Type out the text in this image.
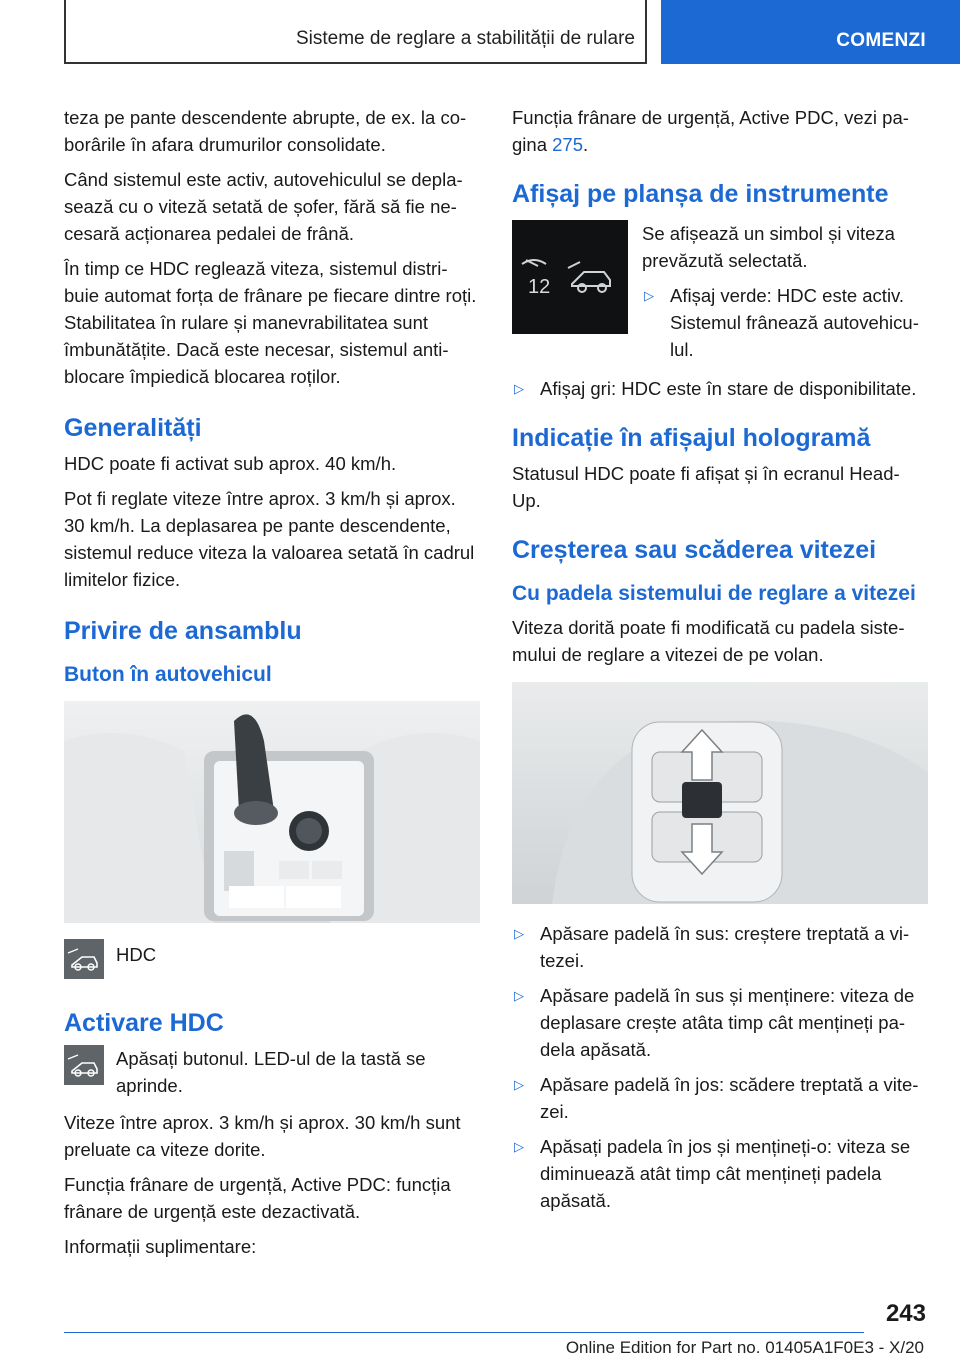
Sisteme de reglare a stabilității de rulare	COMENZI

teza pe pante descendente abrupte, de ex. la co-borârile în afara drumurilor consolidate.

Când sistemul este activ, autovehiculul se depla-sează cu o viteză setată de șofer, fără să fie ne-cesară acționarea pedalei de frână.

În timp ce HDC reglează viteza, sistemul distri-buie automat forța de frânare pe fiecare dintre roți. Stabilitatea în rulare și manevrabilitatea sunt îmbunătățite. Dacă este necesar, sistemul anti-blocare împiedică blocarea roților.

Generalități

HDC poate fi activat sub aprox. 40 km/h.

Pot fi reglate viteze între aprox. 3 km/h și aprox. 30 km/h. La deplasarea pe pante descendente, sistemul reduce viteza la valoarea setată în cadrul limitelor fizice.

Privire de ansamblu
Buton în autovehicul

HDC

Activare HDC

Apăsați butonul. LED-ul de la tastă se aprinde.

Viteze între aprox. 3 km/h și aprox. 30 km/h sunt preluate ca viteze dorite.

Funcția frânare de urgență, Active PDC: funcția frânare de urgență este dezactivată.

Informații suplimentare:

Funcția frânare de urgență, Active PDC, vezi pa-gina 275.

Afișaj pe planșa de instrumente
12

Se afișează un simbol și viteza prevăzută selectată.

▷ Afișaj verde: HDC este activ. Sistemul frânează autovehicu-lul.
▷ Afișaj gri: HDC este în stare de disponibilitate.
Indicație în afișajul hologramă

Statusul HDC poate fi afișat și în ecranul Head-Up.

Creșterea sau scăderea vitezei
Cu padela sistemului de reglare a vitezei

Viteza dorită poate fi modificată cu padela siste-mului de reglare a vitezei de pe volan.

▷ Apăsare padelă în sus: creștere treptată a vi-tezei.
▷ Apăsare padelă în sus și menținere: viteza de deplasare crește atâta timp cât mențineți pa-dela apăsată.
▷ Apăsare padelă în jos: scădere treptată a vite-zei.
▷ Apăsați padela în jos și mențineți-o: viteza se diminuează atât timp cât mențineți padela apăsată.
243
Online Edition for Part no. 01405A1F0E3 - X/20
